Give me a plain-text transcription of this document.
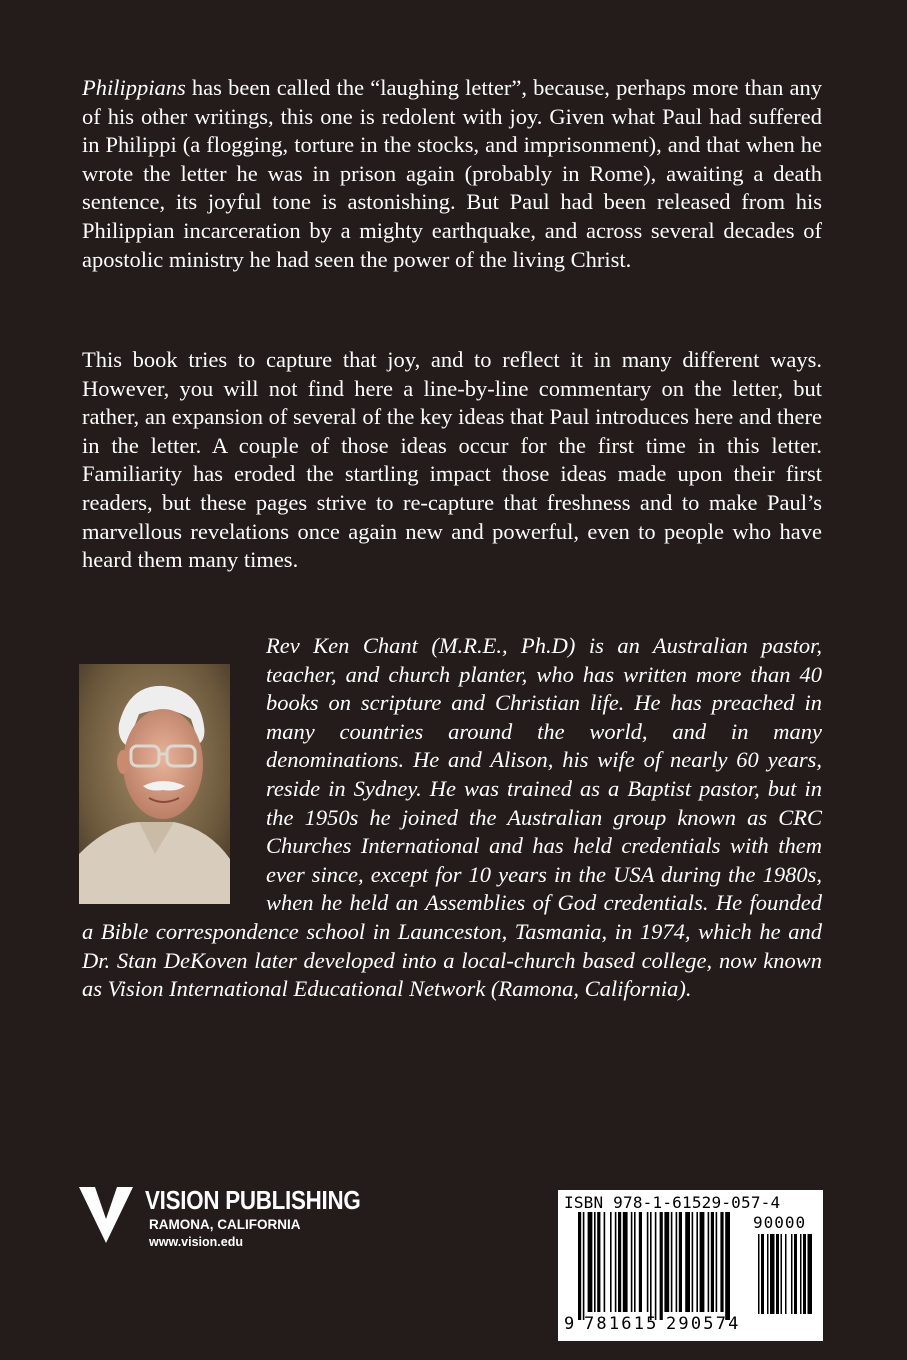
Philippians has been called the “laughing letter”, because, perhaps more than any of his other writings, this one is redolent with joy. Given what Paul had suffered in Philippi (a flogging, torture in the stocks, and imprisonment), and that when he wrote the letter he was in prison again (probably in Rome), awaiting a death sentence, its joyful tone is astonishing. But Paul had been released from his Philippian incarceration by a mighty earthquake, and across several decades of apostolic ministry he had seen the power of the living Christ.

This book tries to capture that joy, and to reflect it in many different ways. However, you will not find here a line-by-line commentary on the letter, but rather, an expansion of several of the key ideas that Paul introduces here and there in the letter. A couple of those ideas occur for the first time in this letter. Familiarity has eroded the startling impact those ideas made upon their first readers, but these pages strive to re-capture that freshness and to make Paul’s marvellous revelations once again new and powerful, even to people who have heard them many times.

Rev Ken Chant (M.R.E., Ph.D) is an Australian pastor, teacher, and church planter, who has written more than 40 books on scripture and Christian life. He has preached in many countries around the world, and in many denominations. He and Alison, his wife of nearly 60 years, reside in Sydney. He was trained as a Baptist pastor, but in the 1950s he joined the Australian group known as CRC Churches International and has held credentials with them ever since, except for 10 years in the USA during the 1980s, when he held an Assemblies of God credentials. He founded a Bible correspondence school in Launceston, Tasmania, in 1974, which he and Dr. Stan DeKoven later developed into a local-church based college, now known as Vision International Educational Network (Ramona, California).
VISION PUBLISHING
RAMONA, CALIFORNIA
www.vision.edu
ISBN 978-1-61529-057-4
90000
9 781615 290574
